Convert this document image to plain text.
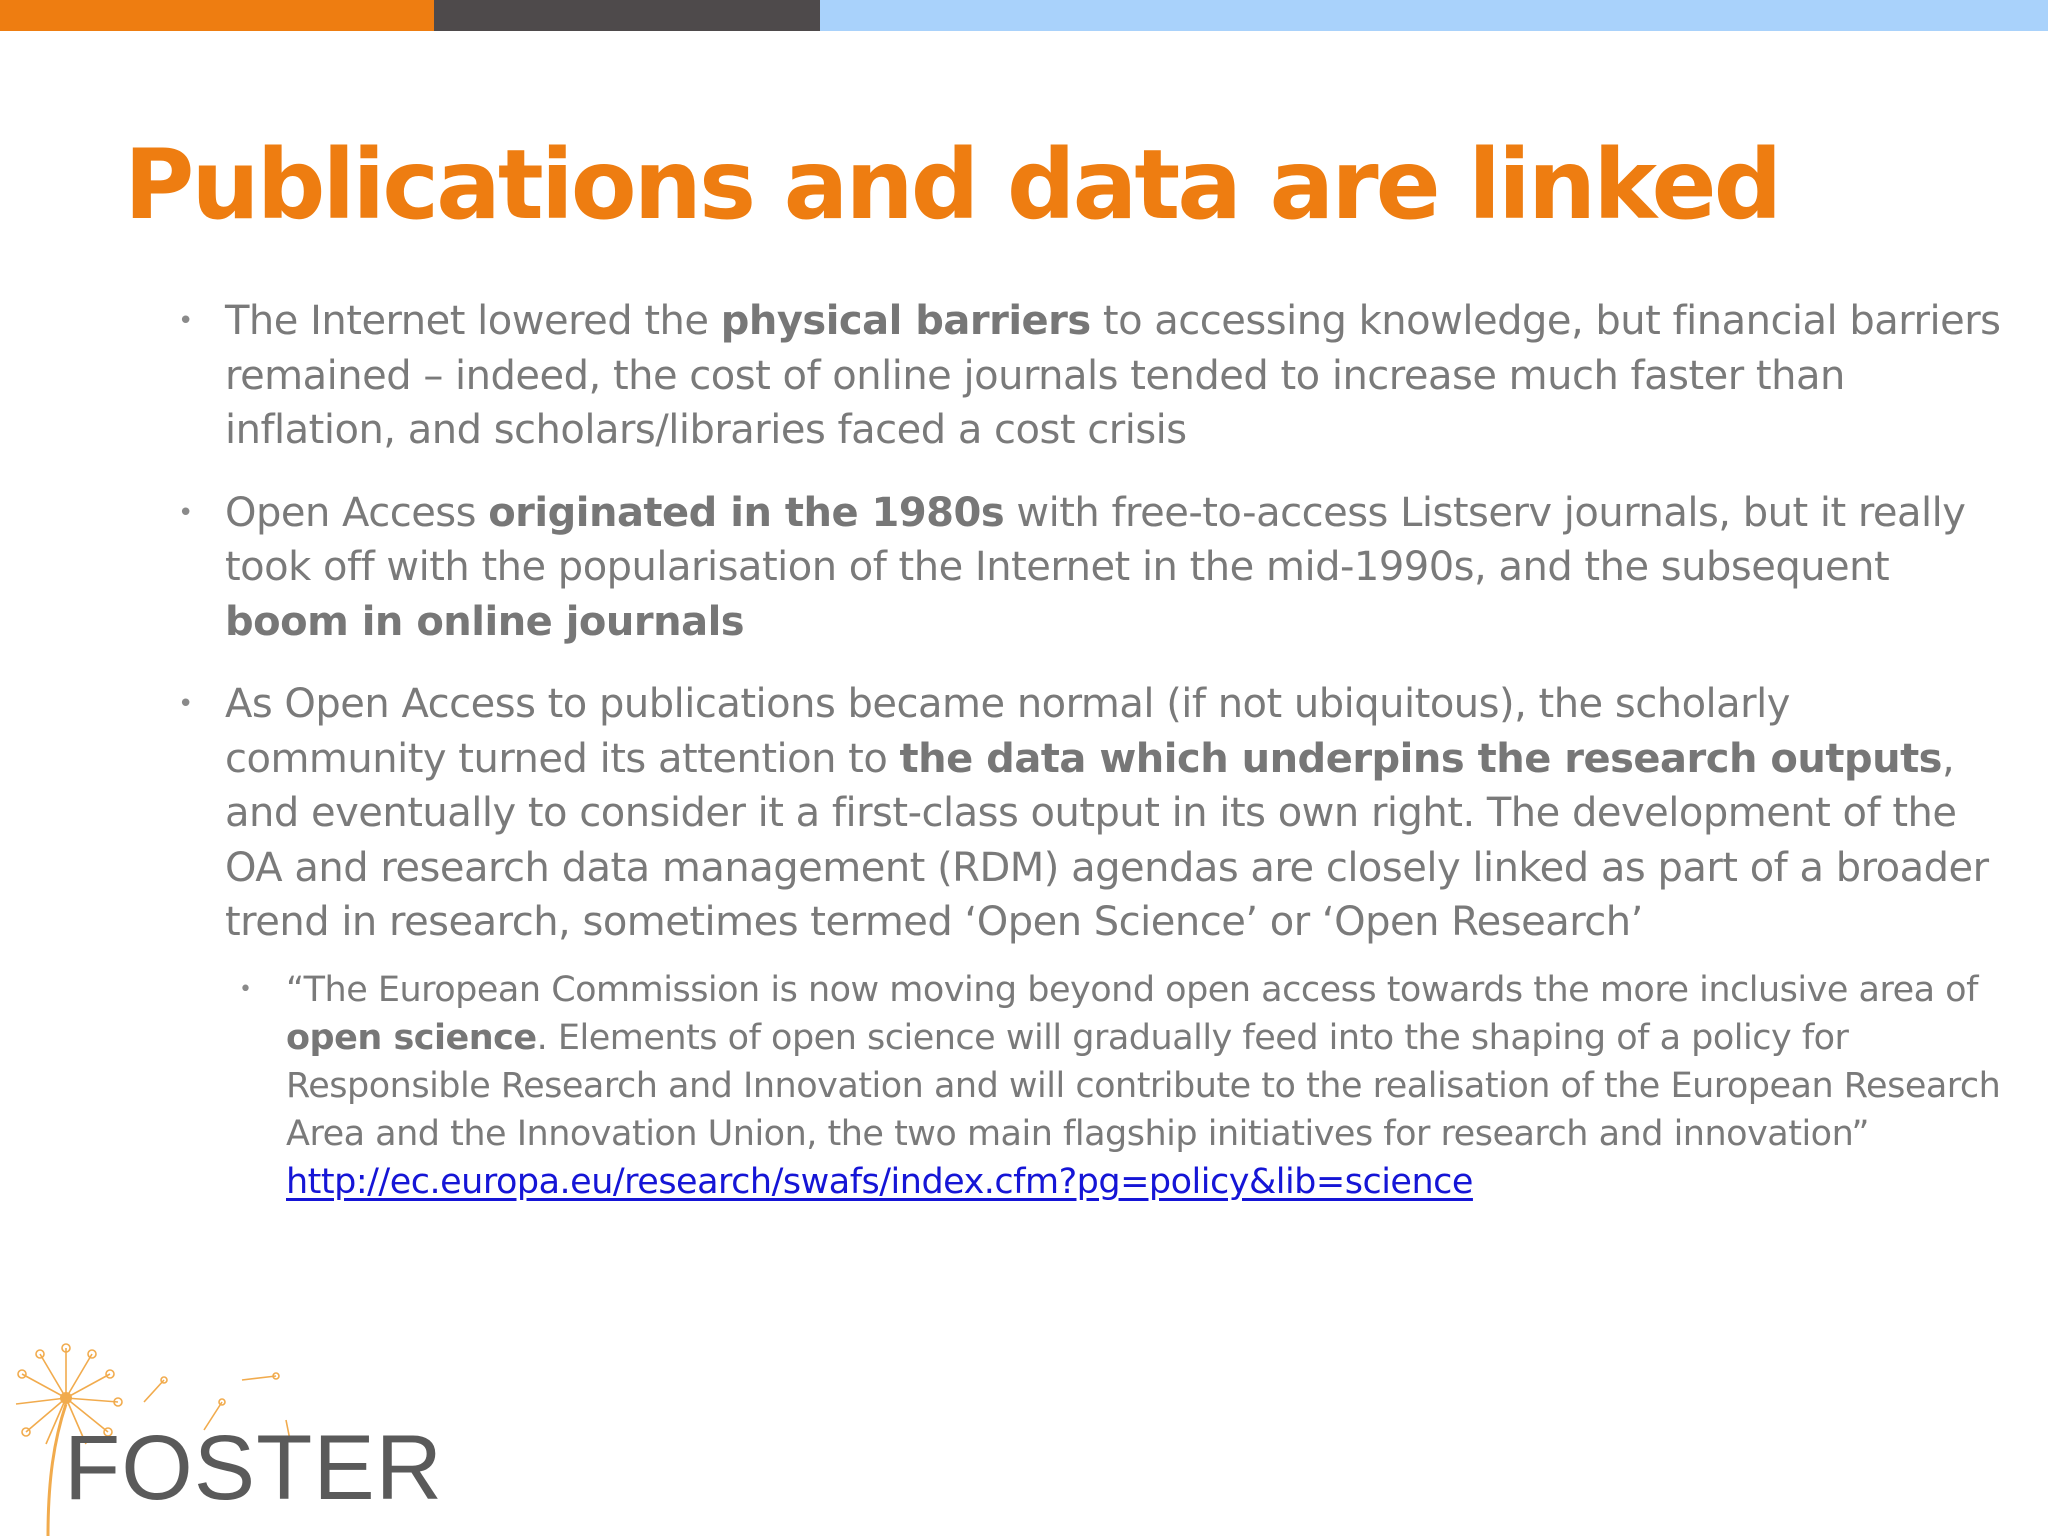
Publications and data are linked
• The Internet lowered the physical barriers to accessing knowledge, but financial barriers remained – indeed, the cost of online journals tended to increase much faster than inflation, and scholars/libraries faced a cost crisis
• Open Access originated in the 1980s with free-to-access Listserv journals, but it really took off with the popularisation of the Internet in the mid-1990s, and the subsequent boom in online journals
• As Open Access to publications became normal (if not ubiquitous), the scholarly community turned its attention to the data which underpins the research outputs, and eventually to consider it a first-class output in its own right. The development of the OA and research data management (RDM) agendas are closely linked as part of a broader trend in research, sometimes termed ‘Open Science’ or ‘Open Research’
• “The European Commission is now moving beyond open access towards the more inclusive area of open science. Elements of open science will gradually feed into the shaping of a policy for Responsible Research and Innovation and will contribute to the realisation of the European Research Area and the Innovation Union, the two main flagship initiatives for research and innovation”
http://ec.europa.eu/research/swafs/index.cfm?pg=policy&lib=science
FOSTER
